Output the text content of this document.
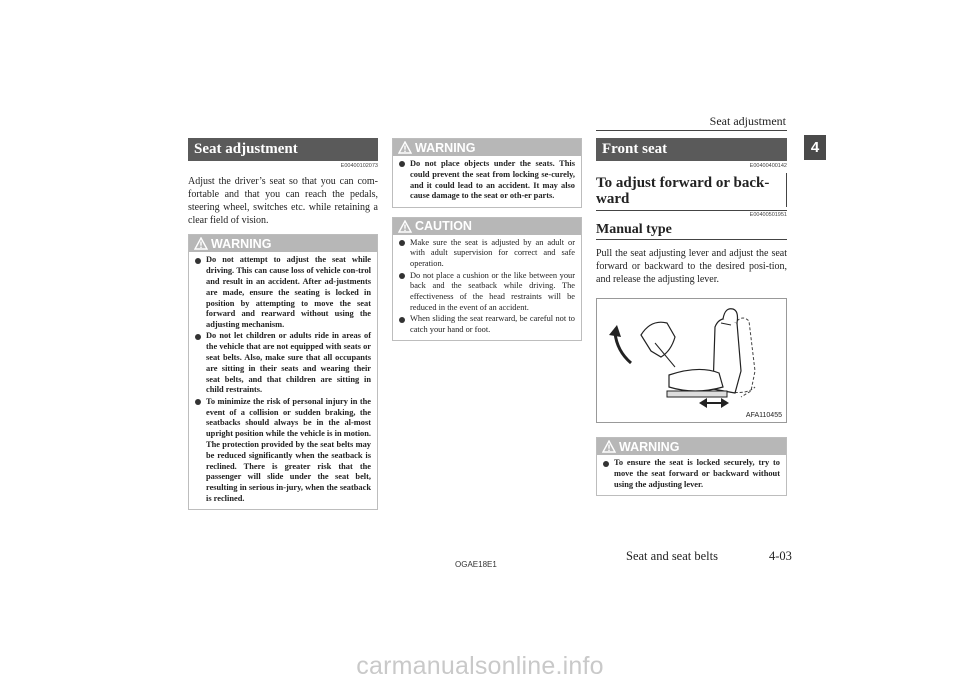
Seat adjustment
4
Seat adjustment
E00400102073
Adjust the driver’s seat so that you can com-fortable and that you can reach the pedals, steering wheel, switches etc. while retaining a clear field of vision.
WARNING
Do not attempt to adjust the seat while driving. This can cause loss of vehicle con-trol and result in an accident. After ad-justments are made, ensure the seating is locked in position by attempting to move the seat forward and rearward without using the adjusting mechanism.
Do not let children or adults ride in areas of the vehicle that are not equipped with seats or seat belts. Also, make sure that all occupants are sitting in their seats and wearing their seat belts, and that children are sitting in child restraints.
To minimize the risk of personal injury in the event of a collision or sudden braking, the seatbacks should always be in the al-most upright position while the vehicle is in motion. The protection provided by the seat belts may be reduced significantly when the seatback is reclined. There is greater risk that the passenger will slide under the seat belt, resulting in serious in-jury, when the seatback is reclined.
WARNING
Do not place objects under the seats. This could prevent the seat from locking se-curely, and it could lead to an accident. It may also cause damage to the seat or oth-er parts.
CAUTION
Make sure the seat is adjusted by an adult or with adult supervision for correct and safe operation.
Do not place a cushion or the like between your back and the seatback while driving. The effectiveness of the head restraints will be reduced in the event of an accident.
When sliding the seat rearward, be careful not to catch your hand or foot.
Front seat
E00400400142
To adjust forward or back-ward
E00400501951
Manual type
Pull the seat adjusting lever and adjust the seat forward or backward to the desired posi-tion, and release the adjusting lever.
AFA110455
WARNING
To ensure the seat is locked securely, try to move the seat forward or backward without using the adjusting lever.
OGAE18E1
Seat and seat belts	4-03
carmanualsonline.info
